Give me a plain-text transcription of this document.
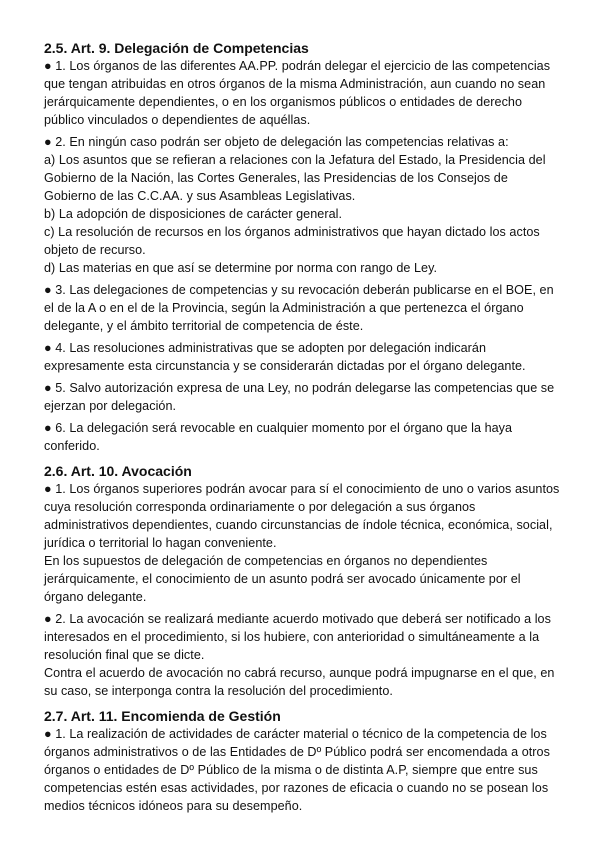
2.5. Art. 9. Delegación de Competencias

● 1. Los órganos de las diferentes AA.PP. podrán delegar el ejercicio de las competencias que tengan atribuidas en otros órganos de la misma Administración, aun cuando no sean jerárquicamente dependientes, o en los organismos públicos o entidades de derecho público vinculados o dependientes de aquéllas.

● 2. En ningún caso podrán ser objeto de delegación las competencias relativas a:

a) Los asuntos que se refieran a relaciones con la Jefatura del Estado, la Presidencia del Gobierno de la Nación, las Cortes Generales, las Presidencias de los Consejos de Gobierno de las C.C.AA. y sus Asambleas Legislativas.

b) La adopción de disposiciones de carácter general.

c) La resolución de recursos en los órganos administrativos que hayan dictado los actos objeto de recurso.

d) Las materias en que así se determine por norma con rango de Ley.

● 3. Las delegaciones de competencias y su revocación deberán publicarse en el BOE, en el de la A o en el de la Provincia, según la Administración a que pertenezca el órgano delegante, y el ámbito territorial de competencia de éste.

● 4. Las resoluciones administrativas que se adopten por delegación indicarán expresamente esta circunstancia y se considerarán dictadas por el órgano delegante.

● 5. Salvo autorización expresa de una Ley, no podrán delegarse las competencias que se ejerzan por delegación.

● 6. La delegación será revocable en cualquier momento por el órgano que la haya conferido.

2.6. Art. 10. Avocación

● 1. Los órganos superiores podrán avocar para sí el conocimiento de uno o varios asuntos cuya resolución corresponda ordinariamente o por delegación a sus órganos administrativos dependientes, cuando circunstancias de índole técnica, económica, social, jurídica o territorial lo hagan conveniente.

En los supuestos de delegación de competencias en órganos no dependientes jerárquicamente, el conocimiento de un asunto podrá ser avocado únicamente por el órgano delegante.

● 2. La avocación se realizará mediante acuerdo motivado que deberá ser notificado a los interesados en el procedimiento, si los hubiere, con anterioridad o simultáneamente a la resolución final que se dicte.

Contra el acuerdo de avocación no cabrá recurso, aunque podrá impugnarse en el que, en su caso, se interponga contra la resolución del procedimiento.

2.7. Art. 11. Encomienda de Gestión

● 1. La realización de actividades de carácter material o técnico de la competencia de los órganos administrativos o de las Entidades de Dº Público podrá ser encomendada a otros órganos o entidades de Dº Público de la misma o de distinta A.P, siempre que entre sus competencias estén esas actividades, por razones de eficacia o cuando no se posean los medios técnicos idóneos para su desempeño.
